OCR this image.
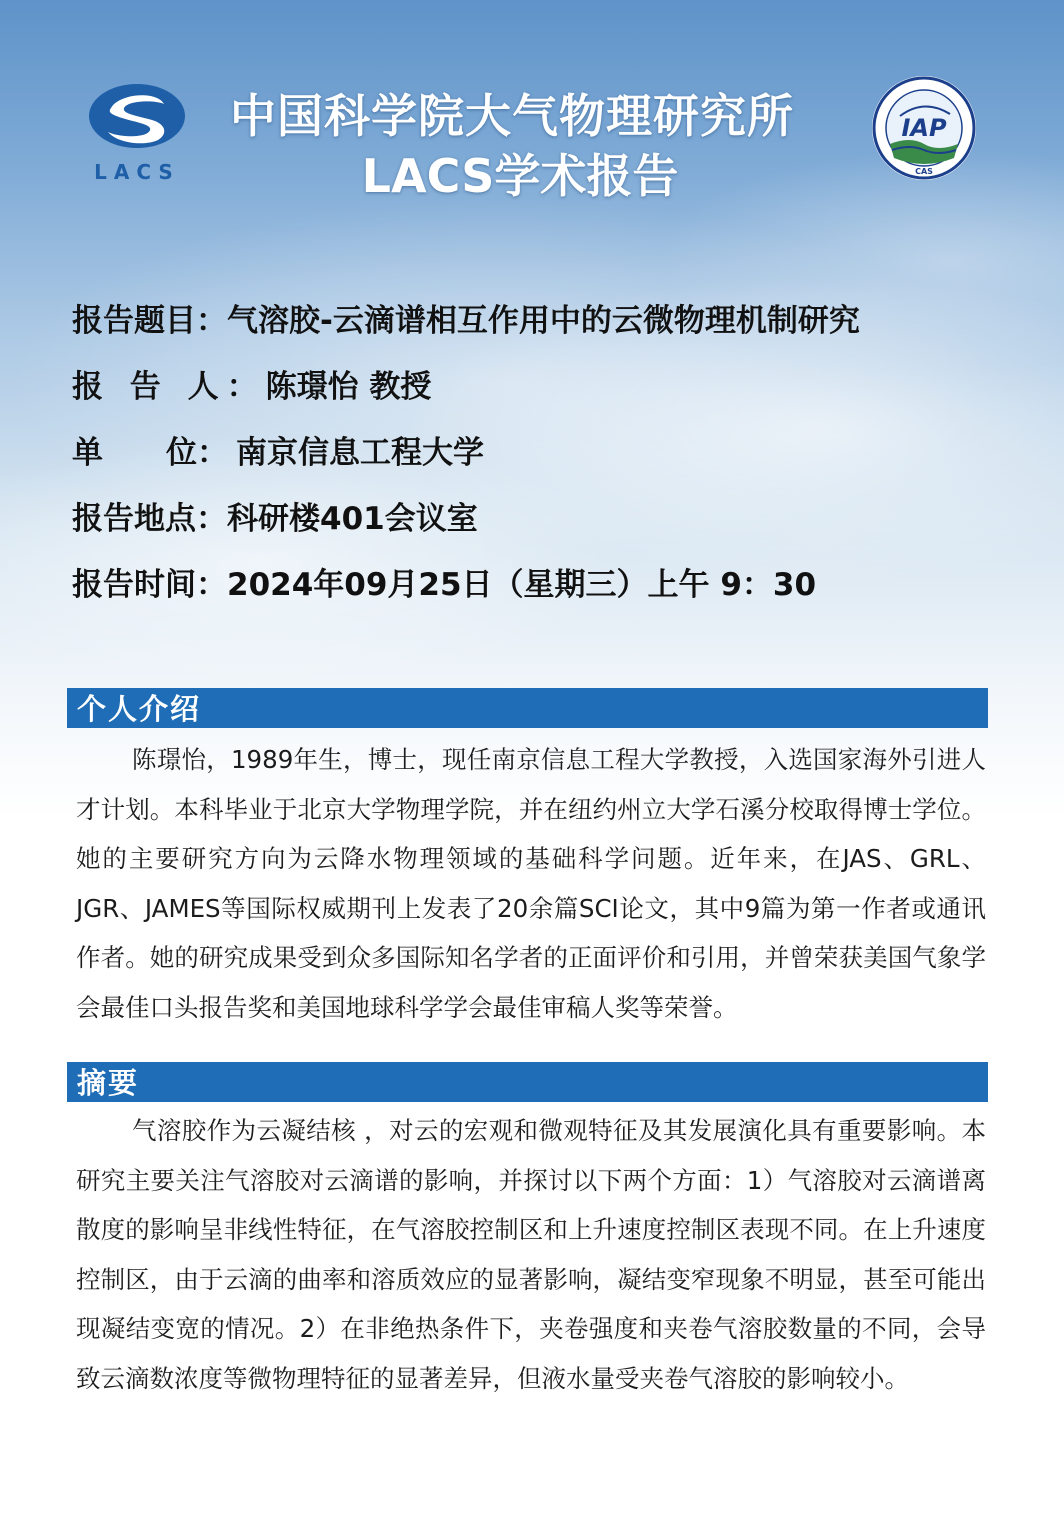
LACS
中国科学院大气物理研究所
LACS学术报告
IAP
CAS
报告题目：气溶胶-云滴谱相互作用中的云微物理机制研究
报 告 人：陈璟怡 教授
单 位： 南京信息工程大学
报告地点：科研楼401会议室
报告时间：2024年09月25日（星期三）上午 9：30
个人介绍

陈璟怡，1989年生，博士，现任南京信息工程大学教授，入选国家海外引进人才计划。本科毕业于北京大学物理学院，并在纽约州立大学石溪分校取得博士学位。她的主要研究方向为云降水物理领域的基础科学问题。近年来，在JAS、GRL、JGR、JAMES等国际权威期刊上发表了20余篇SCI论文，其中9篇为第一作者或通讯作者。她的研究成果受到众多国际知名学者的正面评价和引用，并曾荣获美国气象学会最佳口头报告奖和美国地球科学学会最佳审稿人奖等荣誉。

摘要

气溶胶作为云凝结核 ，对云的宏观和微观特征及其发展演化具有重要影响。本研究主要关注气溶胶对云滴谱的影响，并探讨以下两个方面：1）气溶胶对云滴谱离散度的影响呈非线性特征，在气溶胶控制区和上升速度控制区表现不同。在上升速度控制区，由于云滴的曲率和溶质效应的显著影响，凝结变窄现象不明显，甚至可能出现凝结变宽的情况。2）在非绝热条件下，夹卷强度和夹卷气溶胶数量的不同，会导致云滴数浓度等微物理特征的显著差异，但液水量受夹卷气溶胶的影响较小。
